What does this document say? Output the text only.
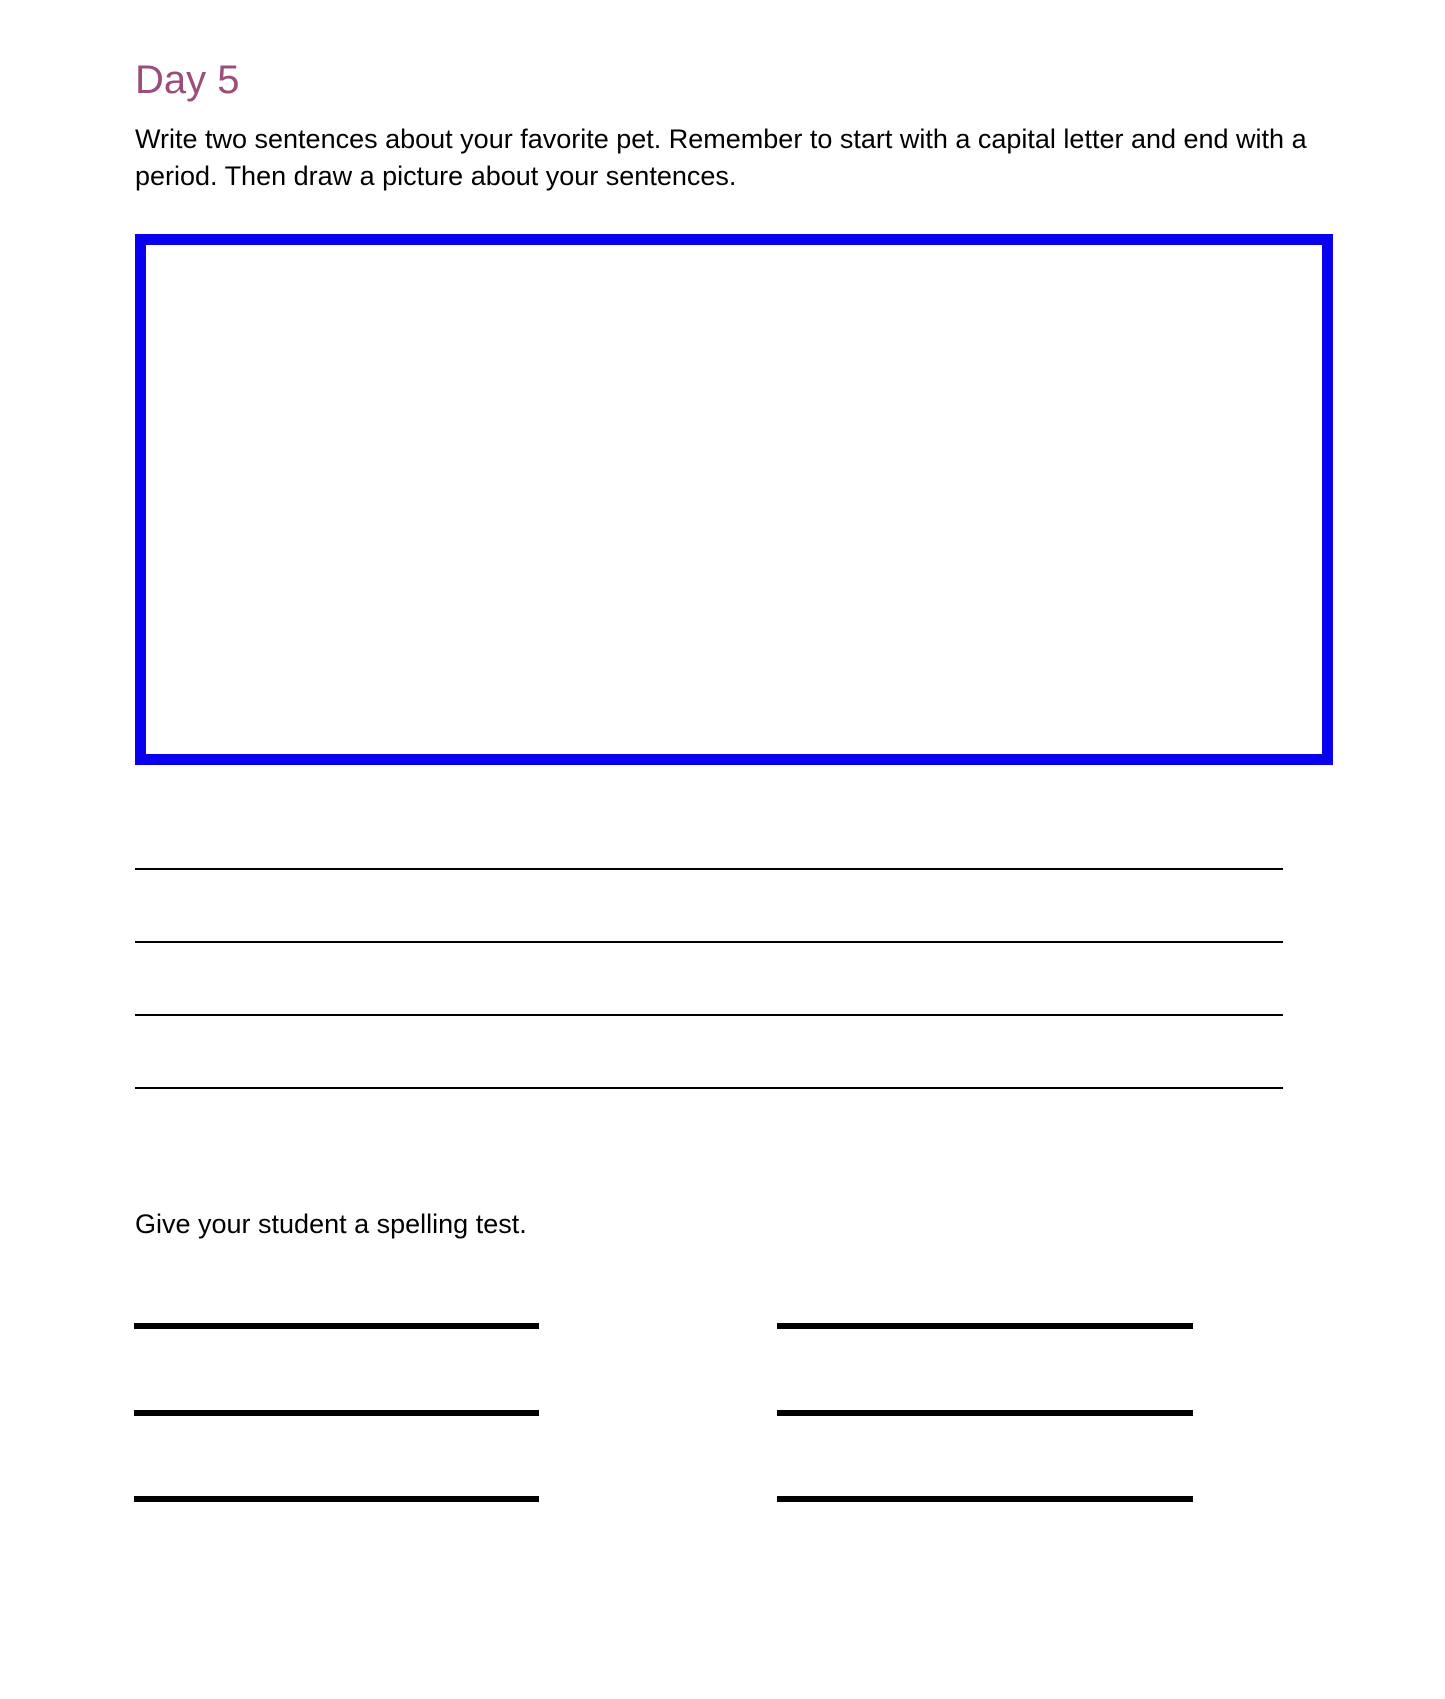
Day 5

Write two sentences about your favorite pet. Remember to start with a capital letter and end with a period. Then draw a picture about your sentences.

Give your student a spelling test.
